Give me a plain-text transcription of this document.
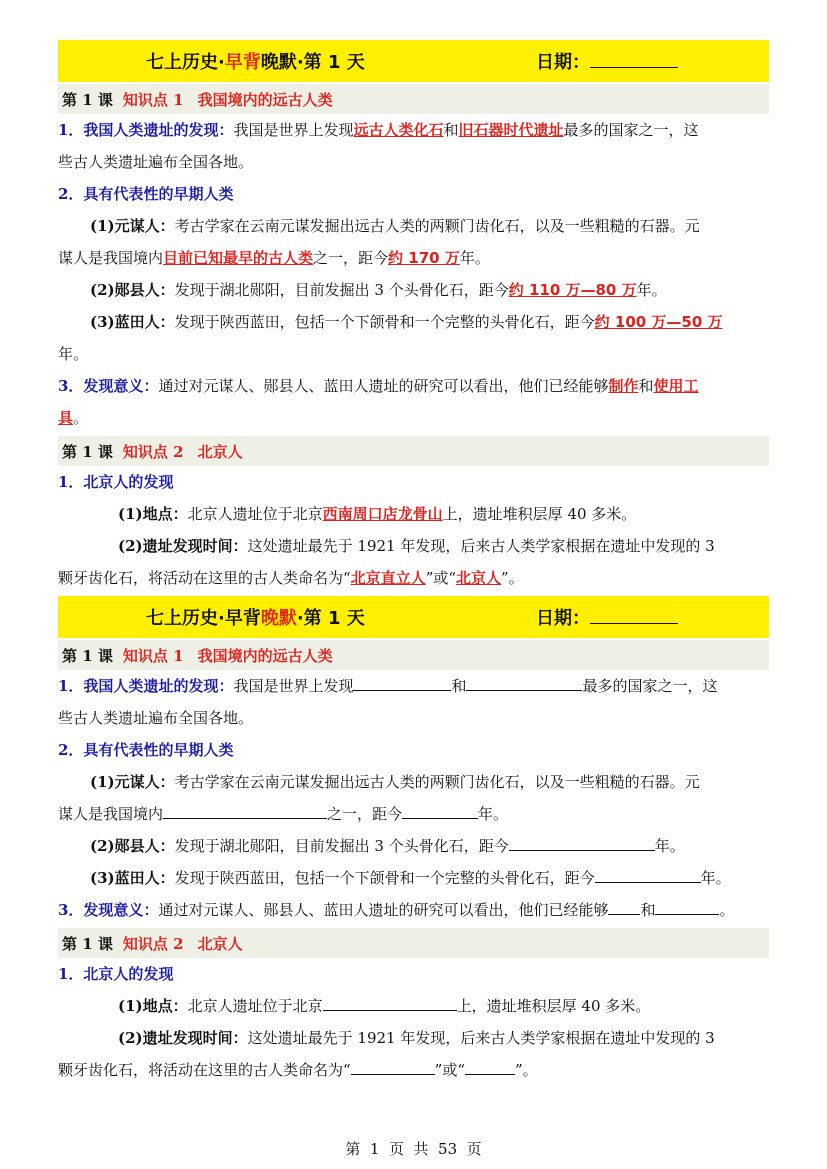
七上历史·早背晚默·第 1 天	日期：
第 1 课 知识点 1 我国境内的远古人类

1．我国人类遗址的发现：我国是世界上发现远古人类化石和旧石器时代遗址最多的国家之一，这

些古人类遗址遍布全国各地。

2．具有代表性的早期人类

(1)元谋人：考古学家在云南元谋发掘出远古人类的两颗门齿化石，以及一些粗糙的石器。元

谋人是我国境内目前已知最早的古人类之一，距今约 170 万年。

(2)郧县人：发现于湖北郧阳，目前发掘出 3 个头骨化石，距今约 110 万—80 万年。

(3)蓝田人：发现于陕西蓝田，包括一个下颌骨和一个完整的头骨化石，距今约 100 万—50 万

年。

3．发现意义：通过对元谋人、郧县人、蓝田人遗址的研究可以看出，他们已经能够制作和使用工

具。

第 1 课 知识点 2 北京人

1．北京人的发现

(1)地点：北京人遗址位于北京西南周口店龙骨山上，遗址堆积层厚 40 多米。

(2)遗址发现时间：这处遗址最先于 1921 年发现，后来古人类学家根据在遗址中发现的 3

颗牙齿化石，将活动在这里的古人类命名为“北京直立人”或“北京人”。

七上历史·早背晚默·第 1 天	日期：
第 1 课 知识点 1 我国境内的远古人类

1．我国人类遗址的发现：我国是世界上发现	和	最多的国家之一，这

些古人类遗址遍布全国各地。

2．具有代表性的早期人类

(1)元谋人：考古学家在云南元谋发掘出远古人类的两颗门齿化石，以及一些粗糙的石器。元

谋人是我国境内	之一，距今	年。

(2)郧县人：发现于湖北郧阳，目前发掘出 3 个头骨化石，距今	年。

(3)蓝田人：发现于陕西蓝田，包括一个下颌骨和一个完整的头骨化石，距今	年。

3．发现意义：通过对元谋人、郧县人、蓝田人遗址的研究可以看出，他们已经能够 和	。

第 1 课 知识点 2 北京人

1．北京人的发现

(1)地点：北京人遗址位于北京	上，遗址堆积层厚 40 多米。

(2)遗址发现时间：这处遗址最先于 1921 年发现，后来古人类学家根据在遗址中发现的 3

颗牙齿化石，将活动在这里的古人类命名为“	”或“	”。

第  1  页  共  53  页
